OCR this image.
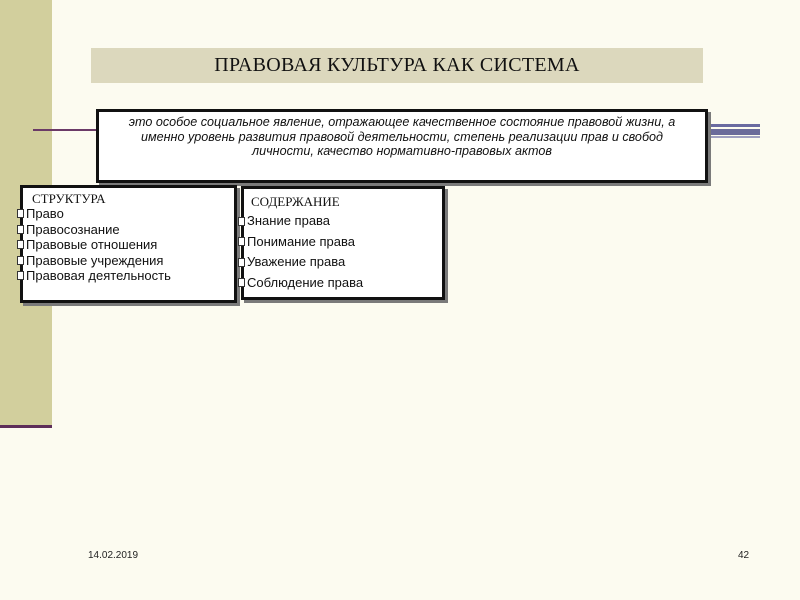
ПРАВОВАЯ КУЛЬТУРА КАК СИСТЕМА
это особое социальное явление, отражающее качественное состояние правовой жизни, а именно уровень развития правовой деятельности, степень реализации прав и свобод личности, качество нормативно-правовых актов
СТРУКТУРА
Право
Правосознание
Правовые отношения
Правовые учреждения
Правовая деятельность
СОДЕРЖАНИЕ
Знание права
Понимание права
Уважение права
Соблюдение права
14.02.2019	42
